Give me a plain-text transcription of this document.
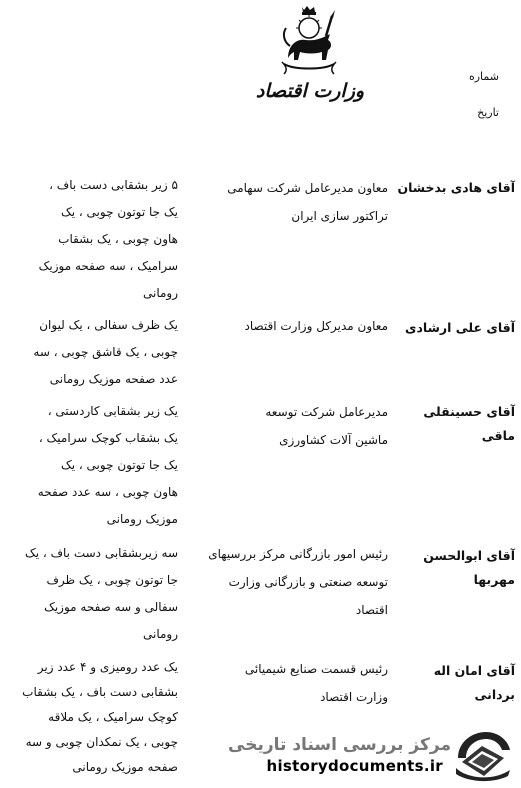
وزارت اقتصاد
شماره
تاریخ
آقای هادی بدخشان
معاون مدیرعامل شرکت سهامی
تراکتور سازی ایران
۵ زیر بشقابی دست باف ،
یک جا توتون چوبی ، یک
هاون چوبی ، یک بشقاب
سرامیک ، سه صفحه موزیک
رومانی
آقای علی ارشادی
معاون مدیرکل وزارت اقتصاد
یک ظرف سفالی ، یک لیوان
چوبی ، یک قاشق چوبی ، سه
عدد صفحه موزیک رومانی
آقای حسینقلی ماقی
مدیرعامل شرکت توسعه
ماشین آلات کشاورزی
یک زیر بشقابی کاردستی ،
یک بشقاب کوچک سرامیک ،
یک جا توتون چوبی ، یک
هاون چوبی ، سه عدد صفحه
موزیک رومانی
آقای ابوالحسن مهربها
رئیس امور بازرگانی مرکز بررسیهای
توسعه صنعتی و بازرگانی وزارت
اقتصاد
سه زیربشقابی دست باف ، یک
جا توتون چوبی ، یک ظرف
سفالی و سه صفحه موزیک
رومانی
آقای امان اله بردانی
رئیس قسمت صنایع شیمیائی
وزارت اقتصاد
یک عدد رومیزی و ۴ عدد زیر
بشقابی دست باف ، یک بشقاب
کوچک سرامیک ، یک ملاقه
چوبی ، یک نمکدان چوبی و سه
صفحه موزیک رومانی
مرکز بررسی اسناد تاریخی
historydocuments.ir
